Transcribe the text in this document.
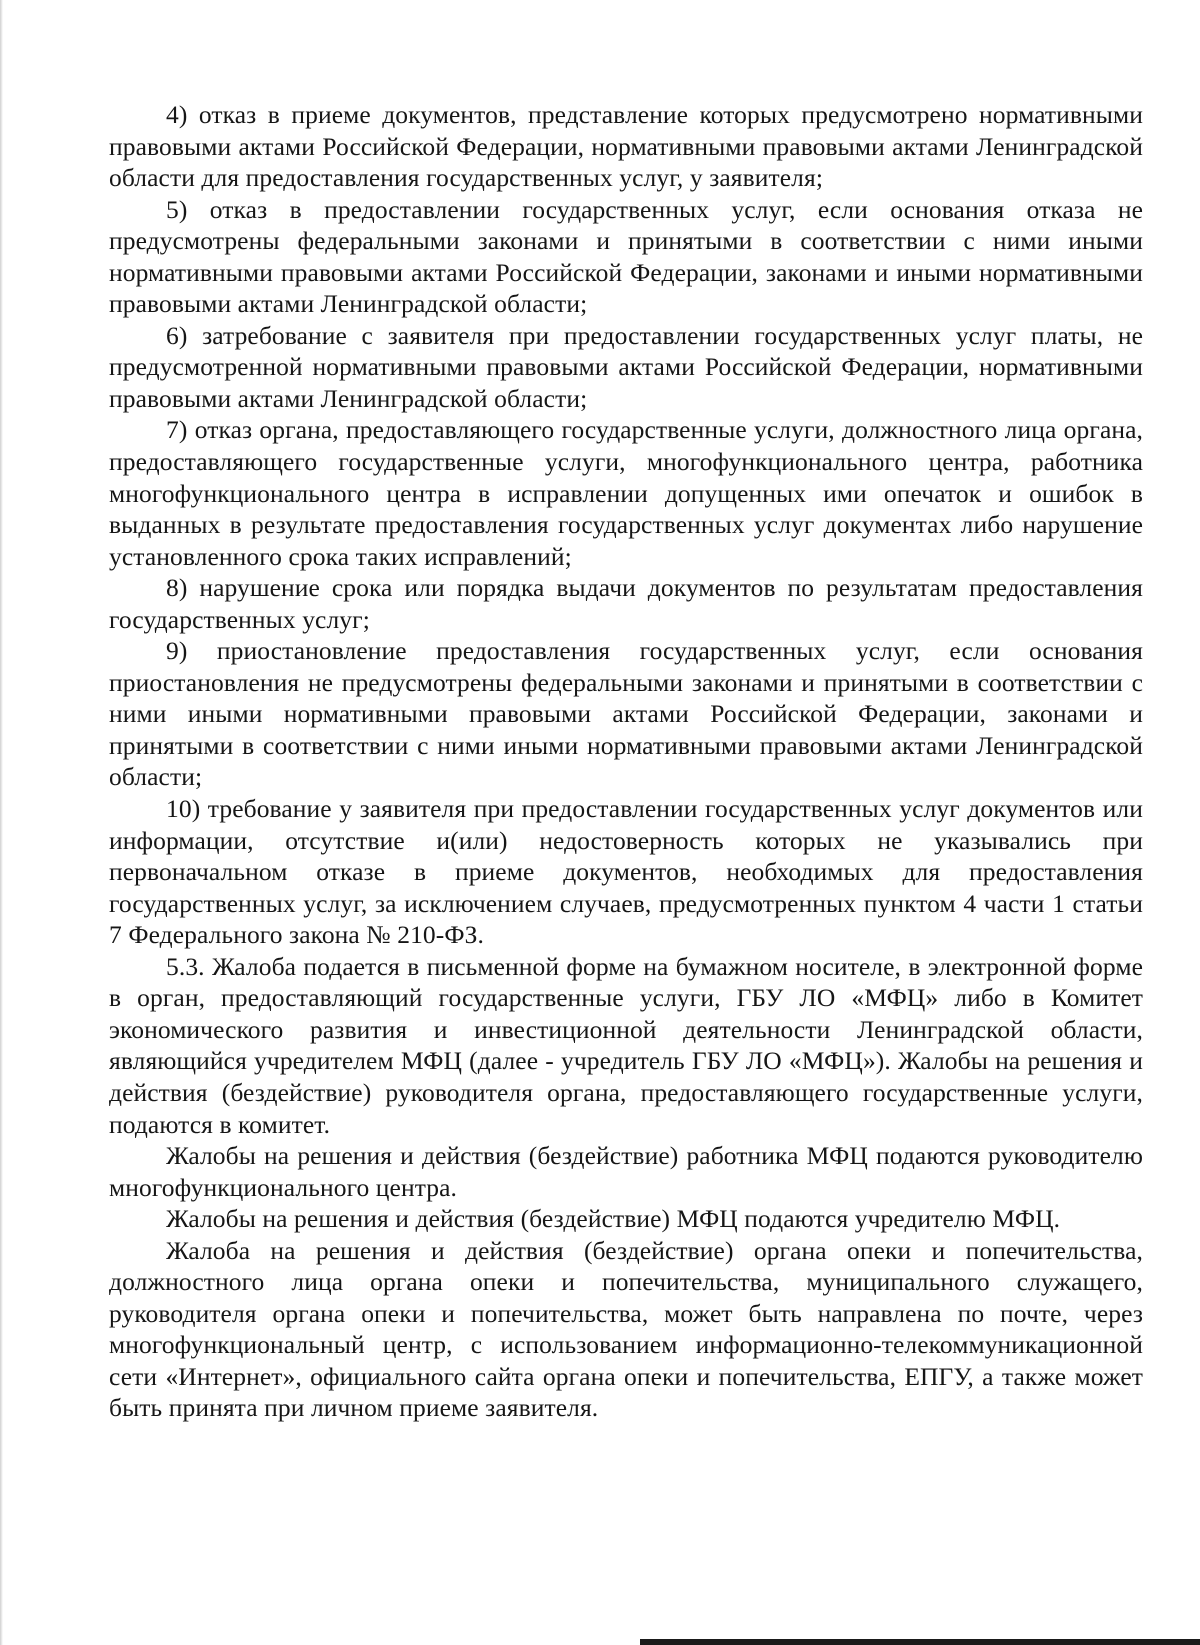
4) отказ в приеме документов, представление которых предусмотрено нормативными правовыми актами Российской Федерации, нормативными правовыми актами Ленинградской области для предоставления государственных услуг, у заявителя;

5) отказ в предоставлении государственных услуг, если основания отказа не предусмотрены федеральными законами и принятыми в соответствии с ними иными нормативными правовыми актами Российской Федерации, законами и иными нормативными правовыми актами Ленинградской области;

6) затребование с заявителя при предоставлении государственных услуг платы, не предусмотренной нормативными правовыми актами Российской Федерации, нормативными правовыми актами Ленинградской области;

7) отказ органа, предоставляющего государственные услуги, должностного лица органа, предоставляющего государственные услуги, многофункционального центра, работника многофункционального центра в исправлении допущенных ими опечаток и ошибок в выданных в результате предоставления государственных услуг документах либо нарушение установленного срока таких исправлений;

8) нарушение срока или порядка выдачи документов по результатам предоставления государственных услуг;

9) приостановление предоставления государственных услуг, если основания приостановления не предусмотрены федеральными законами и принятыми в соответствии с ними иными нормативными правовыми актами Российской Федерации, законами и принятыми в соответствии с ними иными нормативными правовыми актами Ленинградской области;

10) требование у заявителя при предоставлении государственных услуг документов или информации, отсутствие и(или) недостоверность которых не указывались при первоначальном отказе в приеме документов, необходимых для предоставления государственных услуг, за исключением случаев, предусмотренных пунктом 4 части 1 статьи 7 Федерального закона № 210-ФЗ.

5.3. Жалоба подается в письменной форме на бумажном носителе, в электронной форме в орган, предоставляющий государственные услуги, ГБУ ЛО «МФЦ» либо в Комитет экономического развития и инвестиционной деятельности Ленинградской области, являющийся учредителем МФЦ (далее - учредитель ГБУ ЛО «МФЦ»). Жалобы на решения и действия (бездействие) руководителя органа, предоставляющего государственные услуги, подаются в комитет.

Жалобы на решения и действия (бездействие) работника МФЦ подаются руководителю многофункционального центра.

Жалобы на решения и действия (бездействие) МФЦ подаются учредителю МФЦ.

Жалоба на решения и действия (бездействие) органа опеки и попечительства, должностного лица органа опеки и попечительства, муниципального служащего, руководителя органа опеки и попечительства, может быть направлена по почте, через многофункциональный центр, с использованием информационно-телекоммуникационной сети «Интернет», официального сайта органа опеки и попечительства, ЕПГУ, а также может быть принята при личном приеме заявителя.
